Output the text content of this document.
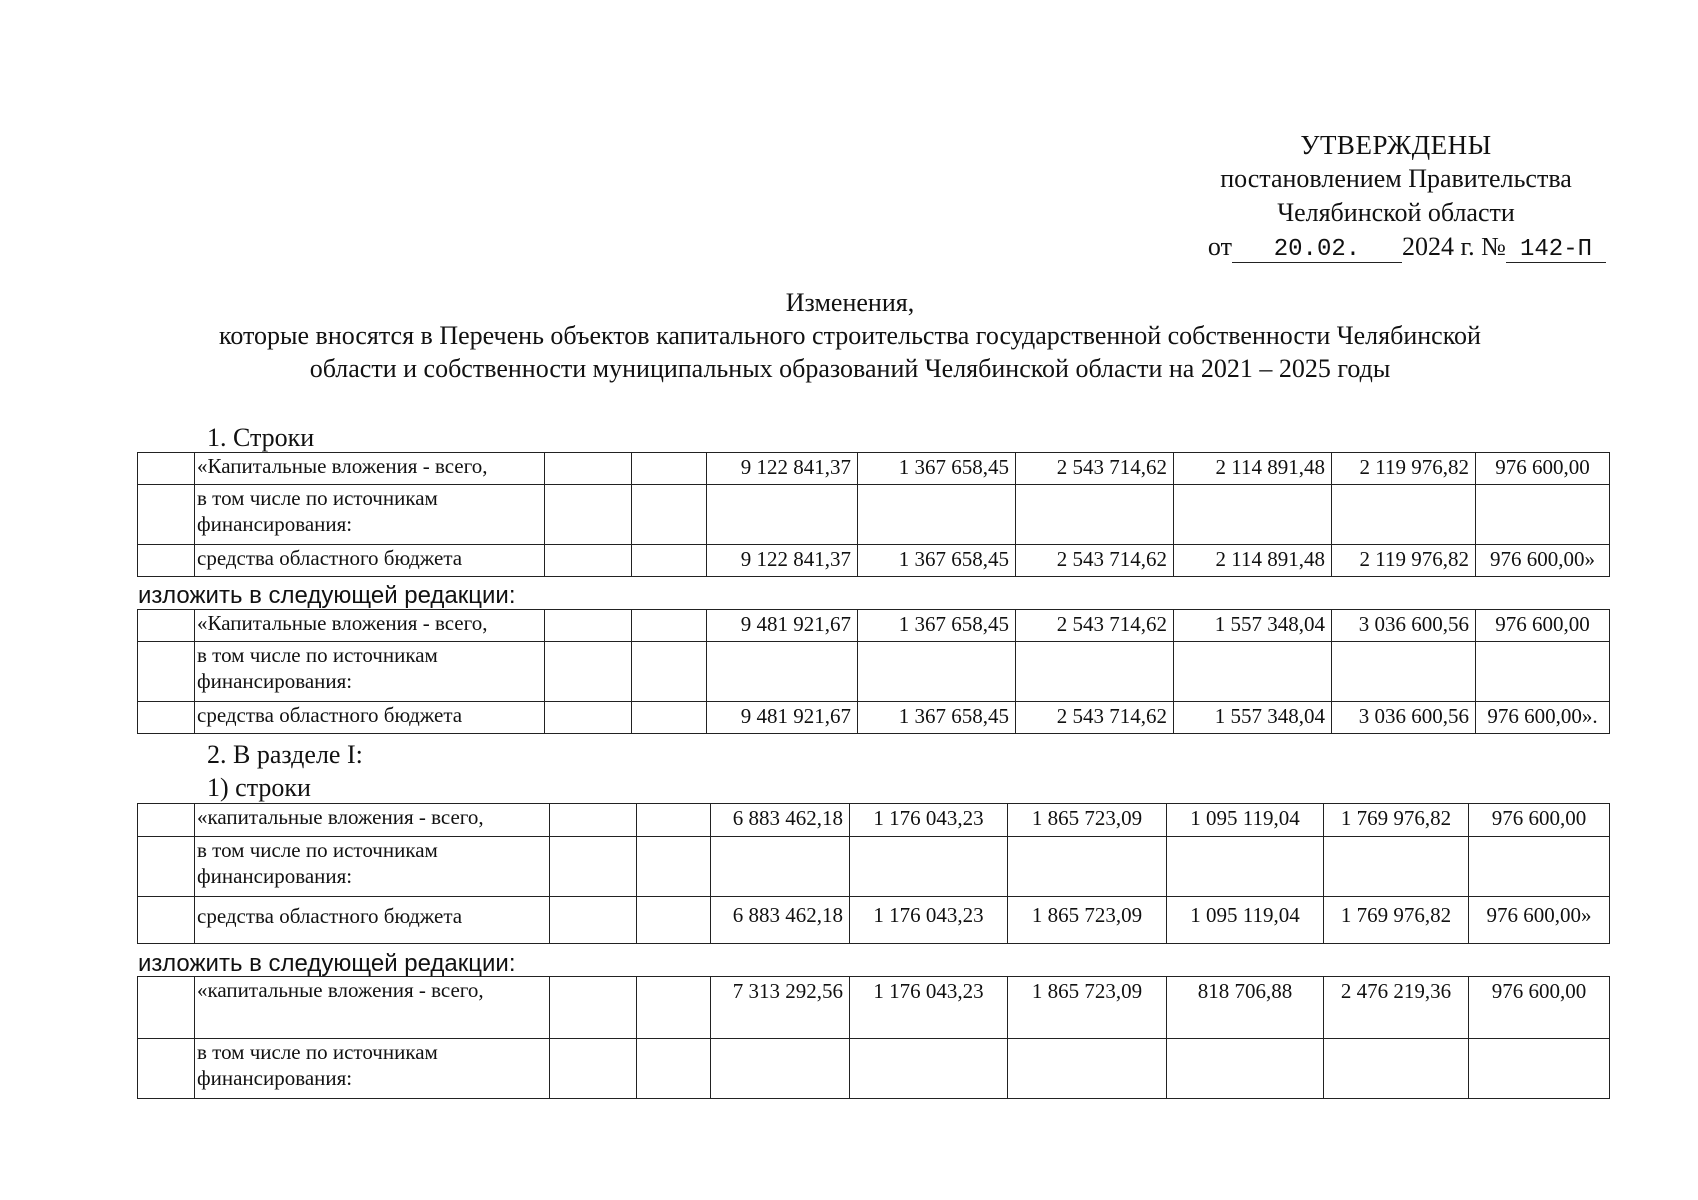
УТВЕРЖДЕНЫ
постановлением Правительства
Челябинской области
от 20.02. 2024 г. № 142-П
Изменения,
которые вносятся в Перечень объектов капитального строительства государственной собственности Челябинской
области и собственности муниципальных образований Челябинской области на 2021 – 2025 годы
1. Строки
	«Капитальные вложения - всего,			9 122 841,37	1 367 658,45	2 543 714,62	2 114 891,48	2 119 976,82	976 600,00
	в том числе по источникам финансирования:								
	средства областного бюджета			9 122 841,37	1 367 658,45	2 543 714,62	2 114 891,48	2 119 976,82	976 600,00»
изложить в следующей редакции:
	«Капитальные вложения - всего,			9 481 921,67	1 367 658,45	2 543 714,62	1 557 348,04	3 036 600,56	976 600,00
	в том числе по источникам финансирования:								
	средства областного бюджета			9 481 921,67	1 367 658,45	2 543 714,62	1 557 348,04	3 036 600,56	976 600,00».
2. В разделе I:
1) строки
	«капитальные вложения - всего,			6 883 462,18	1 176 043,23	1 865 723,09	1 095 119,04	1 769 976,82	976 600,00
	в том числе по источникам финансирования:								
	средства областного бюджета			6 883 462,18	1 176 043,23	1 865 723,09	1 095 119,04	1 769 976,82	976 600,00»
изложить в следующей редакции:
	«капитальные вложения - всего,			7 313 292,56	1 176 043,23	1 865 723,09	818 706,88	2 476 219,36	976 600,00
	в том числе по источникам финансирования:								
